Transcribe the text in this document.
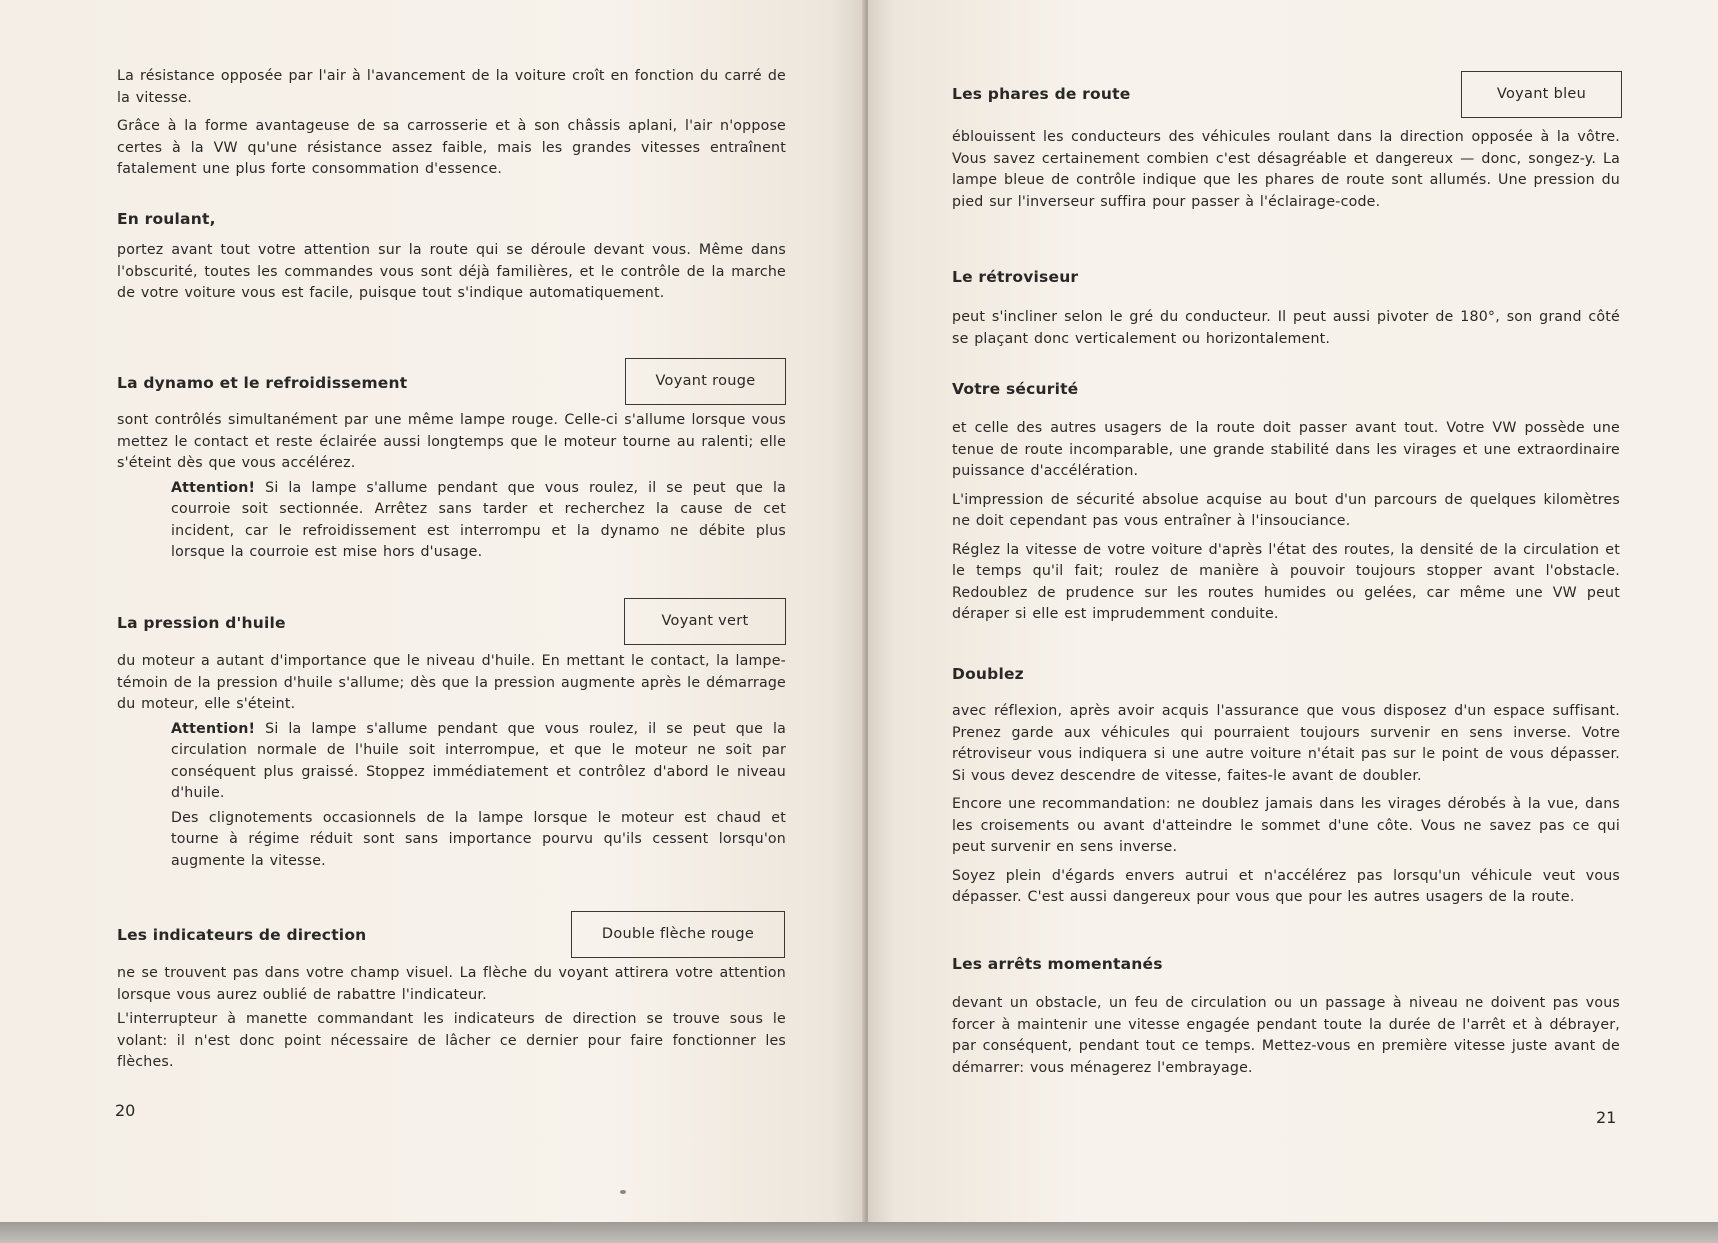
La résistance opposée par l'air à l'avancement de la voiture croît en fonction du carré de la vitesse.

Grâce à la forme avantageuse de sa carrosserie et à son châssis aplani, l'air n'oppose certes à la VW qu'une résistance assez faible, mais les grandes vitesses entraînent fatalement une plus forte consommation d'essence.

En roulant,

portez avant tout votre attention sur la route qui se déroule devant vous. Même dans l'obscurité, toutes les commandes vous sont déjà familières, et le contrôle de la marche de votre voiture vous est facile, puisque tout s'indique automatiquement.

La dynamo et le refroidissement	Voyant rouge

sont contrôlés simultanément par une même lampe rouge. Celle-ci s'allume lorsque vous mettez le contact et reste éclairée aussi longtemps que le moteur tourne au ralenti; elle s'éteint dès que vous accélérez.

Attention! Si la lampe s'allume pendant que vous roulez, il se peut que la courroie soit sectionnée. Arrêtez sans tarder et recherchez la cause de cet incident, car le refroidissement est interrompu et la dynamo ne débite plus lorsque la courroie est mise hors d'usage.

La pression d'huile	Voyant vert

du moteur a autant d'importance que le niveau d'huile. En mettant le contact, la lampe-témoin de la pression d'huile s'allume; dès que la pression augmente après le démarrage du moteur, elle s'éteint.

Attention! Si la lampe s'allume pendant que vous roulez, il se peut que la circulation normale de l'huile soit interrompue, et que le moteur ne soit par conséquent plus graissé. Stoppez immédiatement et contrôlez d'abord le niveau d'huile.

Des clignotements occasionnels de la lampe lorsque le moteur est chaud et tourne à régime réduit sont sans importance pourvu qu'ils cessent lorsqu'on augmente la vitesse.

Les indicateurs de direction	Double flèche rouge

ne se trouvent pas dans votre champ visuel. La flèche du voyant attirera votre attention lorsque vous aurez oublié de rabattre l'indicateur.

L'interrupteur à manette commandant les indicateurs de direction se trouve sous le volant: il n'est donc point nécessaire de lâcher ce dernier pour faire fonctionner les flèches.

20
Les phares de route	Voyant bleu

éblouissent les conducteurs des véhicules roulant dans la direction opposée à la vôtre. Vous savez certainement combien c'est désagréable et dangereux — donc, songez-y. La lampe bleue de contrôle indique que les phares de route sont allumés. Une pression du pied sur l'inverseur suffira pour passer à l'éclairage-code.

Le rétroviseur

peut s'incliner selon le gré du conducteur. Il peut aussi pivoter de 180°, son grand côté se plaçant donc verticalement ou horizontalement.

Votre sécurité

et celle des autres usagers de la route doit passer avant tout. Votre VW possède une tenue de route incomparable, une grande stabilité dans les virages et une extraordinaire puissance d'accélération.

L'impression de sécurité absolue acquise au bout d'un parcours de quelques kilomètres ne doit cependant pas vous entraîner à l'insouciance.

Réglez la vitesse de votre voiture d'après l'état des routes, la densité de la circulation et le temps qu'il fait; roulez de manière à pouvoir toujours stopper avant l'obstacle. Redoublez de prudence sur les routes humides ou gelées, car même une VW peut déraper si elle est imprudemment conduite.

Doublez

avec réflexion, après avoir acquis l'assurance que vous disposez d'un espace suffisant. Prenez garde aux véhicules qui pourraient toujours survenir en sens inverse. Votre rétroviseur vous indiquera si une autre voiture n'était pas sur le point de vous dépasser. Si vous devez descendre de vitesse, faites-le avant de doubler.

Encore une recommandation: ne doublez jamais dans les virages dérobés à la vue, dans les croisements ou avant d'atteindre le sommet d'une côte. Vous ne savez pas ce qui peut survenir en sens inverse.

Soyez plein d'égards envers autrui et n'accélérez pas lorsqu'un véhicule veut vous dépasser. C'est aussi dangereux pour vous que pour les autres usagers de la route.

Les arrêts momentanés

devant un obstacle, un feu de circulation ou un passage à niveau ne doivent pas vous forcer à maintenir une vitesse engagée pendant toute la durée de l'arrêt et à débrayer, par conséquent, pendant tout ce temps. Mettez-vous en première vitesse juste avant de démarrer: vous ménagerez l'embrayage.

21
